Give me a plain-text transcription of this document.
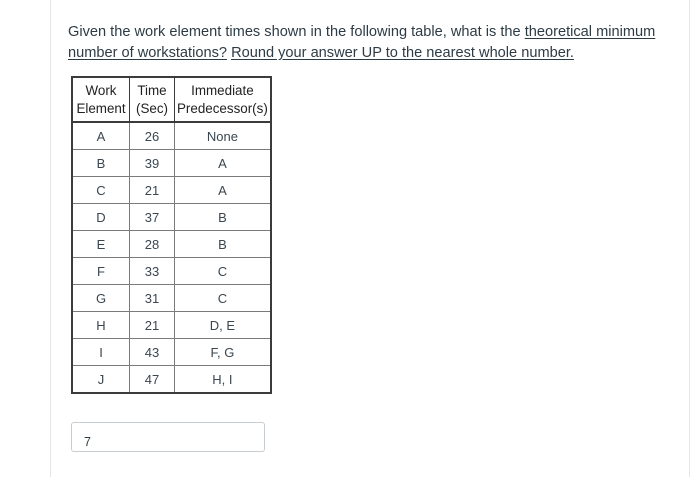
Given the work element times shown in the following table, what is the theoretical minimum number of workstations? Round your answer UP to the nearest whole number.
Work	Time	Immediate
Element	(Sec)	Predecessor(s)
A	26	None
B	39	A
C	21	A
D	37	B
E	28	B
F	33	C
G	31	C
H	21	D, E
I	43	F, G
J	47	H, I
7
